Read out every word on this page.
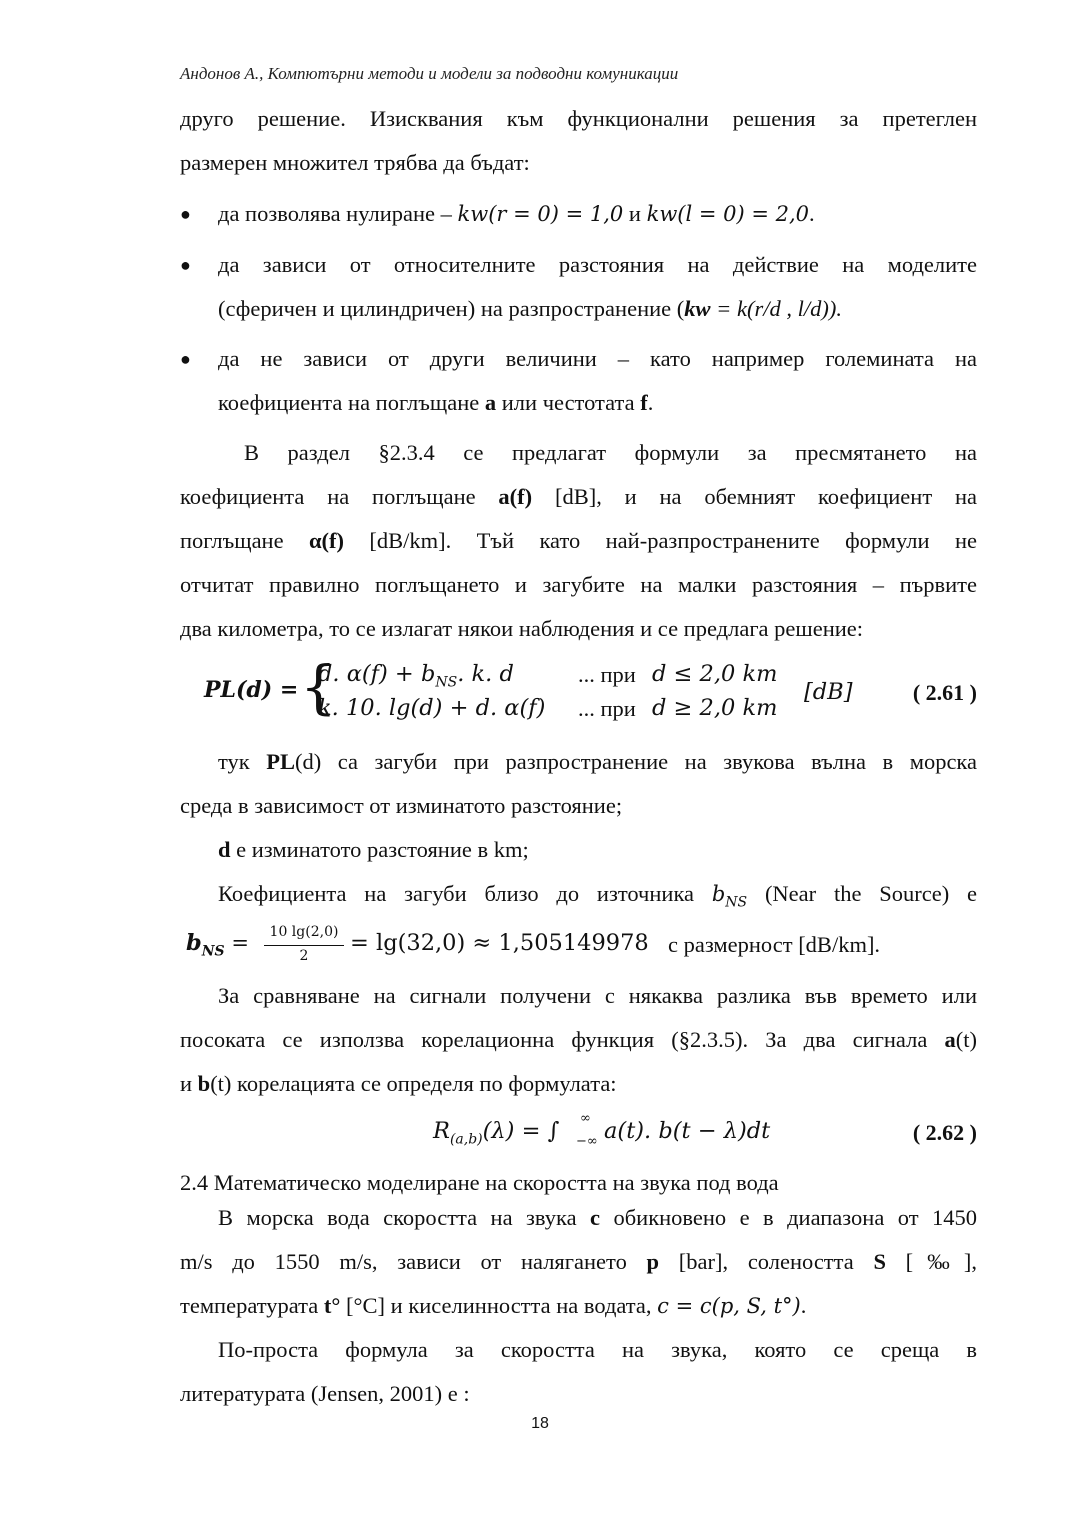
Андонов А., Компютърни методи и модели за подводни комуникации
друго решение. Изисквания към функционални решения за претеглен
размерен множител трябва да бъдат:
● да позволява нулиране – kw(r = 0) = 1,0 и kw(l = 0) = 2,0.
● да зависи от относителните разстояния на действие на моделите
(сферичен и цилиндричен) на разпространение (kw = k(r/d , l/d)).
● да не зависи от други величини – като например големината на
коефициента на поглъщане a или честотата f.
В раздел §2.3.4 се предлагат формули за пресмятането на
коефициента на поглъщане a(f) [dB], и на обемният коефициент на
поглъщане α(f) [dB/km]. Тъй като най-разпространените формули не
отчитат правилно поглъщането и загубите на малки разстояния – първите
два километра, то се излагат някои наблюдения и се предлага решение:
PL(d) = {
d. $\alpha(f) + b_{NS}$. k. d
k. 10. lg(d) + d. α(f)
... при d ≤ 2,0 km
... при d ≥ 2,0 km
[dB]	( 2.61 )
тук PL(d) са загуби при разпространение на звукова вълна в морска
среда в зависимост от изминатото разстояние;
d е изминатото разстояние в km;
Коефициента на загуби близо до източника $b_{NS}$ (Near the Source) е
$b_{NS}$ =	10 lg(2,0)
2	= lg(32,0) ≈ 1,505149978 с размерност [dB/km].
За сравняване на сигнали получени с някаква разлика във времето или
посоката се използва корелационна функция (§2.3.5). За два сигнала a(t)
и b(t) корелацията се определя по формулата:
$R_{(a,b)}(\lambda)$ = ∫ ∞
−∞ a(t). b(t − λ)dt	( 2.62 )
2.4 Математическо моделиране на скоростта на звука под вода
В морска вода скоростта на звука c обикновено е в диапазона от 1450
m/s до 1550 m/s, зависи от налягането p [bar], солеността S [‰],
температурата t° [°C] и киселинността на водата, c = c(p, S, t°).
По-проста формула за скоростта на звука, която се среща в
литературата (Jensen, 2001) е :
18
